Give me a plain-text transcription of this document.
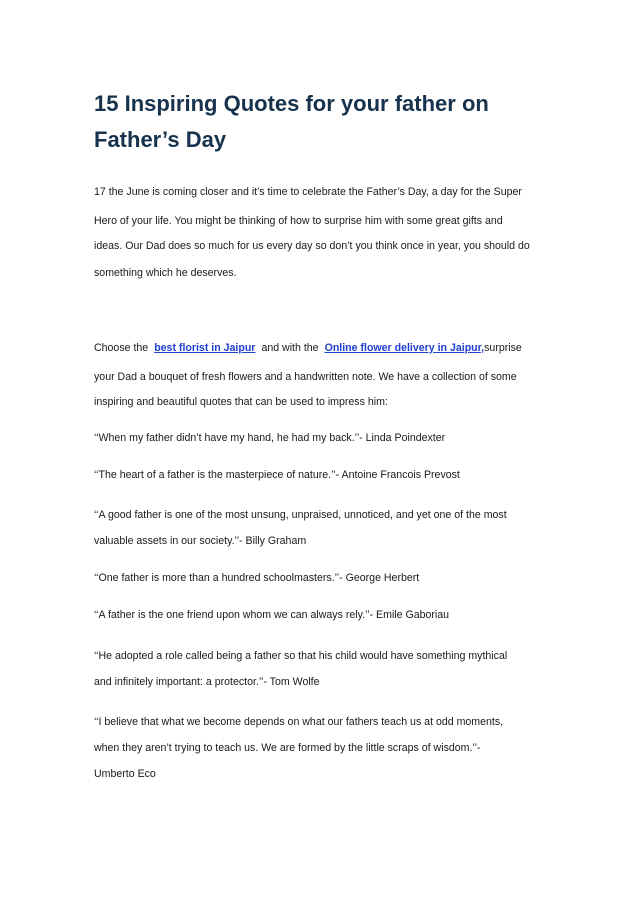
15 Inspiring Quotes for your father on
Father’s Day

17 the June is coming closer and it’s time to celebrate the Father’s Day, a day for the Super

Hero of your life. You might be thinking of how to surprise him with some great gifts and

ideas. Our Dad does so much for us every day so don’t you think once in year, you should do

something which he deserves.

Choose the best florist in Jaipur and with the Online flower delivery in Jaipur,surprise

your Dad a bouquet of fresh flowers and a handwritten note. We have a collection of some

inspiring and beautiful quotes that can be used to impress him:

‘‘When my father didn’t have my hand, he had my back.’’- Linda Poindexter

‘‘The heart of a father is the masterpiece of nature.’’- Antoine Francois Prevost

‘‘A good father is one of the most unsung, unpraised, unnoticed, and yet one of the most

valuable assets in our society.’’- Billy Graham

‘‘One father is more than a hundred schoolmasters.’’- George Herbert

‘‘A father is the one friend upon whom we can always rely.’’- Emile Gaboriau

‘‘He adopted a role called being a father so that his child would have something mythical

and infinitely important: a protector.’’- Tom Wolfe

‘‘I believe that what we become depends on what our fathers teach us at odd moments,

when they aren’t trying to teach us. We are formed by the little scraps of wisdom.’’-

Umberto Eco
